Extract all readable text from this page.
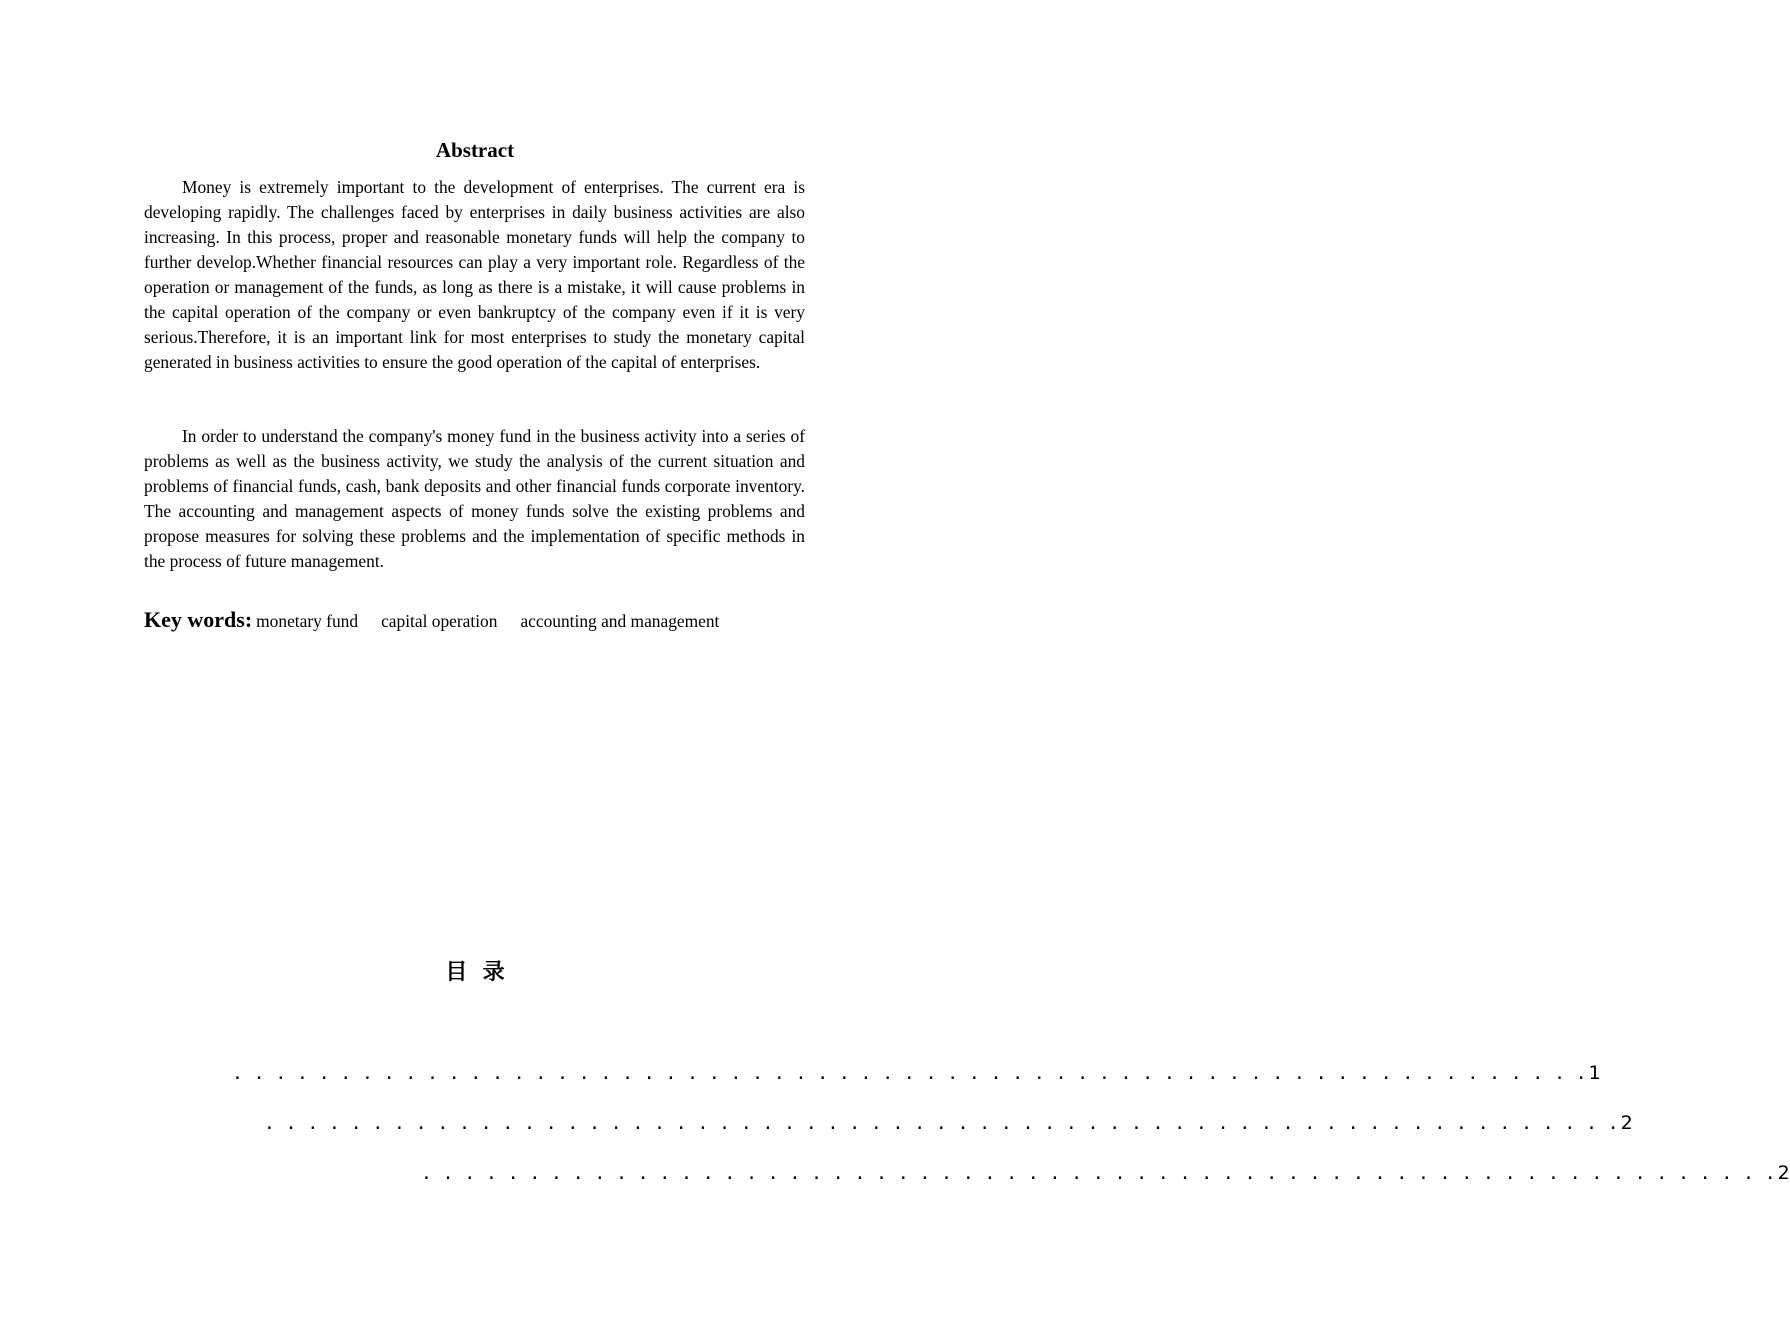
Abstract

Money is extremely important to the development of enterprises. The current era is developing rapidly. The challenges faced by enterprises in daily business activities are also increasing. In this process, proper and reasonable monetary funds will help the company to further develop.Whether financial resources can play a very important role. Regardless of the operation or management of the funds, as long as there is a mistake, it will cause problems in the capital operation of the company or even bankruptcy of the company even if it is very serious.Therefore, it is an important link for most enterprises to study the monetary capital generated in business activities to ensure the good operation of the capital of enterprises.

In order to understand the company's money fund in the business activity into a series of problems as well as the business activity, we study the analysis of the current situation and problems of financial funds, cash, bank deposits and other financial funds corporate inventory. The accounting and management aspects of money funds solve the existing problems and propose measures for solving these problems and the implementation of specific methods in the process of future management.

Key words: monetary fund capital operation accounting and management
目  录
. . . . . . . . . . . . . . . . . . . . . . . . . . . . . . . . . . . . . . . . . . . . . . . . . . . . . . . . . . . . . . . 1
. . . . . . . . . . . . . . . . . . . . . . . . . . . . . . . . . . . . . . . . . . . . . . . . . . . . . . . . . . . . . . . 2
. . . . . . . . . . . . . . . . . . . . . . . . . . . . . . . . . . . . . . . . . . . . . . . . . . . . . . . . . . . . . . . 2
